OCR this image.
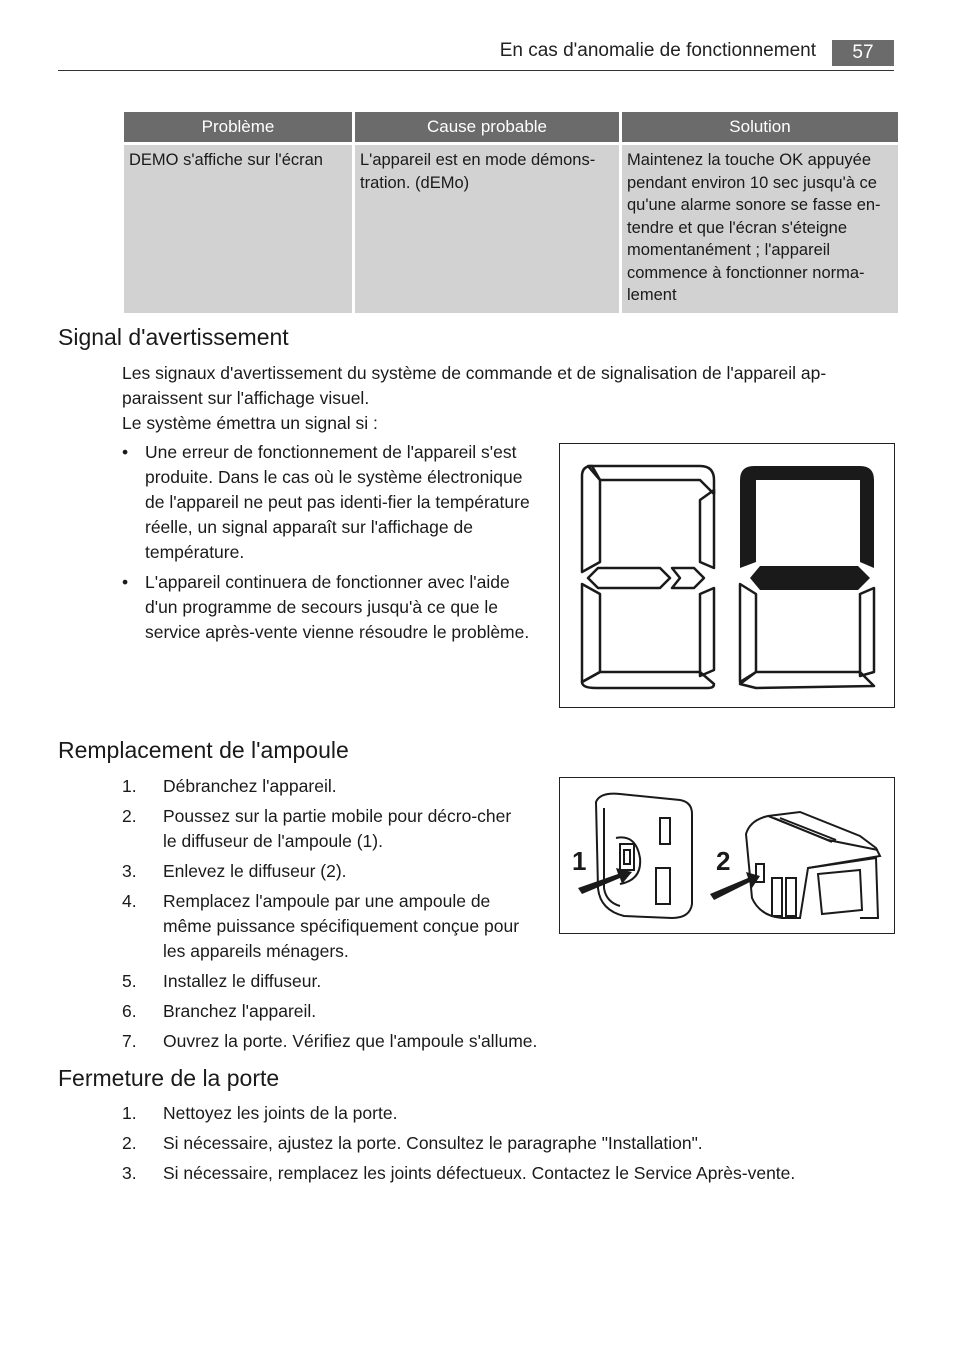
En cas d'anomalie de fonctionnement	57
Problème	Cause probable	Solution
DEMO s'affiche sur l'écran	L'appareil est en mode démons-tration. (dEMo)	Maintenez la touche OK appuyée pendant environ 10 sec jusqu'à ce qu'une alarme sonore se fasse en-tendre et que l'écran s'éteigne momentanément ; l'appareil commence à fonctionner norma-lement
Signal d'avertissement
Les signaux d'avertissement du système de commande et de signalisation de l'appareil ap-paraissent sur l'affichage visuel.
Le système émettra un signal si :
• Une erreur de fonctionnement de l'appareil s'est produite. Dans le cas où le système électronique de l'appareil ne peut pas identi-fier la température réelle, un signal apparaît sur l'affichage de température.
• L'appareil continuera de fonctionner avec l'aide d'un programme de secours jusqu'à ce que le service après-vente vienne résoudre le problème.
Remplacement de l'ampoule
1. Débranchez l'appareil.
2. Poussez sur la partie mobile pour décro-cher le diffuseur de l'ampoule (1).
3. Enlevez le diffuseur (2).
4. Remplacez l'ampoule par une ampoule de même puissance spécifiquement conçue pour les appareils ménagers.
5. Installez le diffuseur.
6. Branchez l'appareil.
7. Ouvrez la porte. Vérifiez que l'ampoule s'allume.
1	2
Fermeture de la porte
1. Nettoyez les joints de la porte.
2. Si nécessaire, ajustez la porte. Consultez le paragraphe "Installation".
3. Si nécessaire, remplacez les joints défectueux. Contactez le Service Après-vente.
